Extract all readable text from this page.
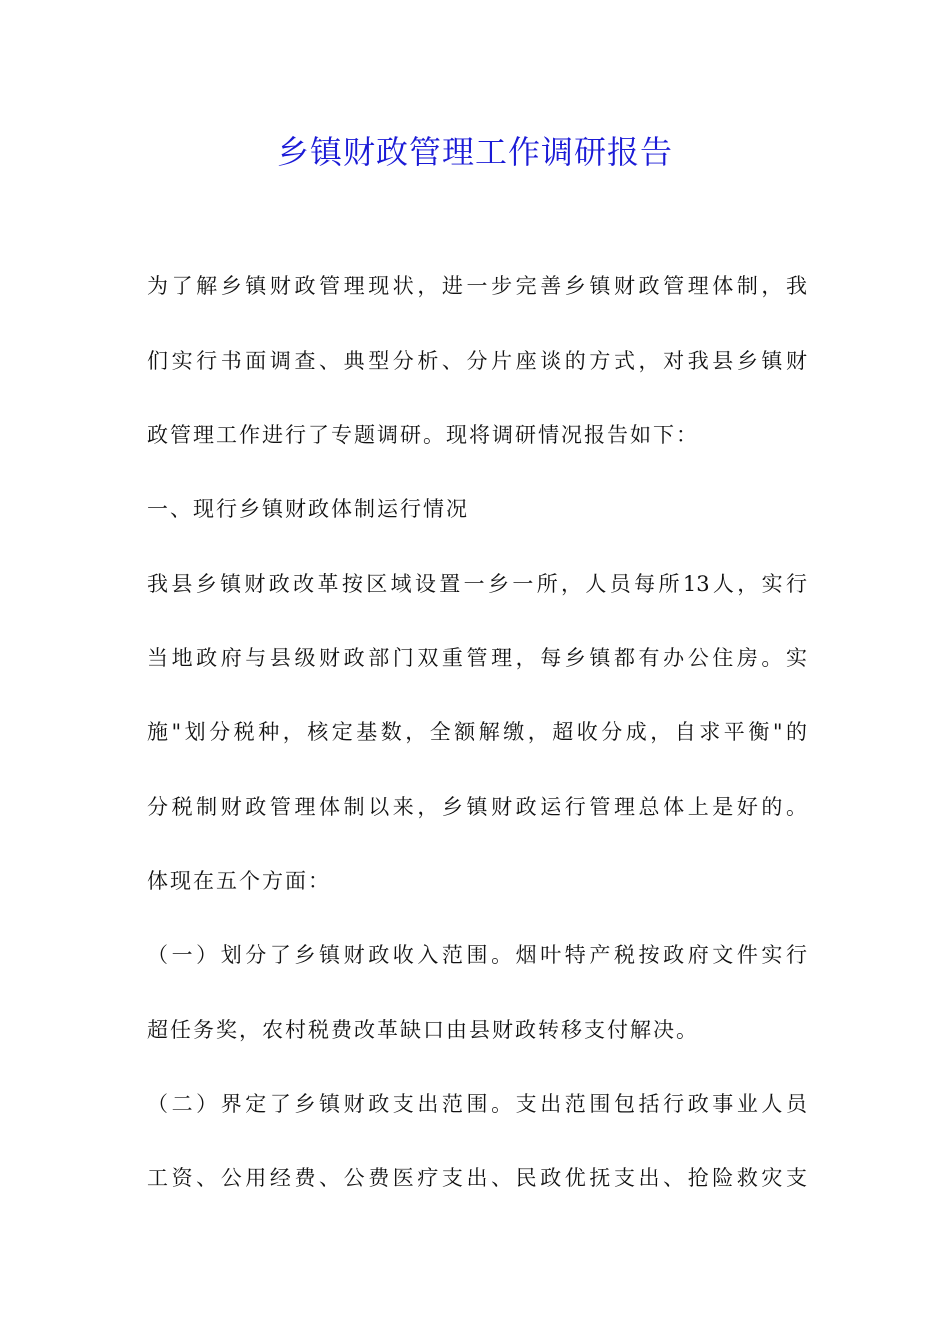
乡镇财政管理工作调研报告

为了解乡镇财政管理现状，进一步完善乡镇财政管理体制，我

们实行书面调查、典型分析、分片座谈的方式，对我县乡镇财

政管理工作进行了专题调研。现将调研情况报告如下：

一、现行乡镇财政体制运行情况

我县乡镇财政改革按区域设置一乡一所，人员每所13人，实行

当地政府与县级财政部门双重管理，每乡镇都有办公住房。实

施"划分税种，核定基数，全额解缴，超收分成，自求平衡"的

分税制财政管理体制以来，乡镇财政运行管理总体上是好的。

体现在五个方面：

（一）划分了乡镇财政收入范围。烟叶特产税按政府文件实行

超任务奖，农村税费改革缺口由县财政转移支付解决。

（二）界定了乡镇财政支出范围。支出范围包括行政事业人员

工资、公用经费、公费医疗支出、民政优抚支出、抢险救灾支
